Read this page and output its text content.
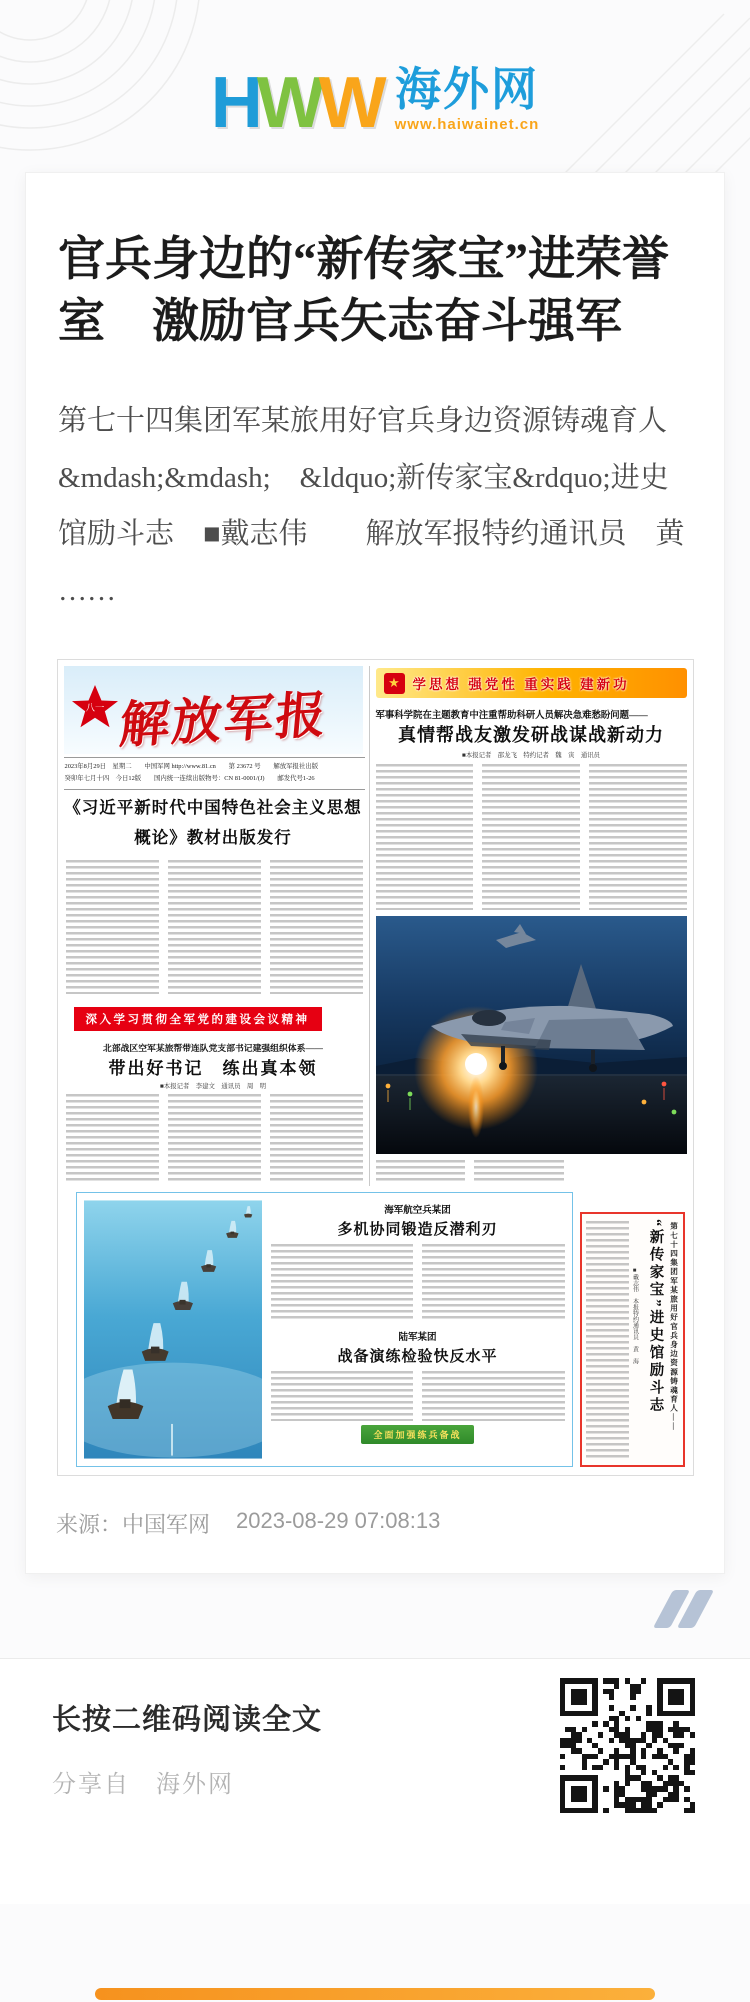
H W W 海外网
www.haiwainet.cn
官兵身边的“新传家宝”进荣誉室　激励官兵矢志奋斗强军

第七十四集团军某旅用好官兵身边资源铸魂育人&mdash;&mdash;　&ldquo;新传家宝&rdquo;进史馆励斗志　■戴志伟　　解放军报特约通讯员　黄 ……

八一 解放军报
2023年8月29日　星期二　　中国军网 http://www.81.cn　　第 23672 号　　解放军报社出版
癸卯年七月十四　今日12版　　国内统一连续出版物号：CN 81-0001/(J)　　邮发代号1-26
《习近平新时代中国特色社会主义思想概论》教材出版发行
深入学习贯彻全军党的建设会议精神
北部战区空军某旅帮带连队党支部书记建强组织体系——
带出好书记　练出真本领
■本报记者　李建文　通讯员　周　明
★ 学思想 强党性 重实践 建新功
军事科学院在主题教育中注重帮助科研人员解决急难愁盼问题——
真情帮战友激发研战谋战新动力
■本报记者　邵龙飞　特约记者　魏　寅　通讯员
海军航空兵某团
多机协同锻造反潜利刃
陆军某团
战备演练检验快反水平
全面加强练兵备战
第七十四集团军某旅用好官兵身边资源铸魂育人——
“新传家宝”进史馆励斗志
■戴志伟　本报特约通讯员　黄　海
来源：中国军网 2023-08-29 07:08:13
长按二维码阅读全文
分享自　海外网
